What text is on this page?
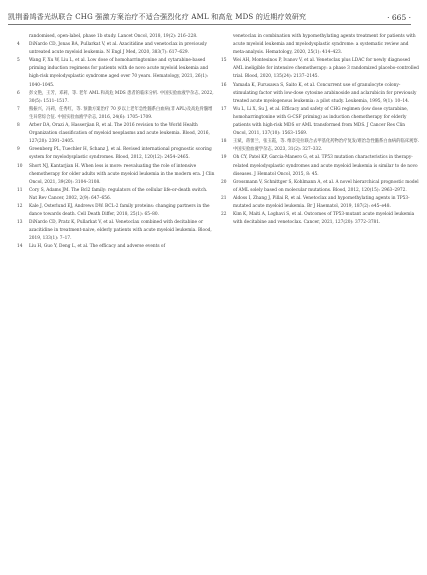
凯荆番鸠香光纵联合 CHG 强激方案治疗不适合强烈化疗 AML 和高危 MDS 的近期疗效研究	· 665 ·

randomised, open-label, phase 1b study. Lancet Oncol, 2018, 19(2): 216–228.

4 DiNardo CD, Jonas BA, Pullarkat V, et al. Azacitidine and venetoclax in previously untreated acute myeloid leukemia. N Engl J Med, 2020, 383(7): 617–629.

5 Wang F, Xu W, Liu L, et al. Low dose of homoharringtonine and cytarabine-based priming induction regimens for patients with de novo acute myeloid leukemia and high-risk myelodysplastic syndrome aged over 70 years. Hematology, 2021, 26(1): 1040–1045.

6 彭文艳，王芳，邓莉，等. 老年 AML 和高危 MDS 患者的临床分析. 中国实验血液学杂志, 2022, 30(5): 1511–1517.

7 熊振兴，冯莉，任秀红，等. 预激方案治疗 70 岁以上老年急性髓系白血病(非 APL)及高危骨髓增生异常综合征. 中国实验血液学杂志, 2016, 24(6): 1705–1709.

8 Arber DA, Orazi A, Hasserjian R, et al. The 2016 revision to the World Health Organization classification of myeloid neoplasms and acute leukemia. Blood, 2016, 127(20): 2391–2405.

9 Greenberg PL, Tuechler H, Schanz J, et al. Revised international prognostic scoring system for myelodysplastic syndromes. Blood, 2012, 120(12): 2454–2465.

10 Short NJ, Kantarjian H. When less is more: reevaluating the role of intensive chemotherapy for older adults with acute myeloid leukemia in the modern era. J Clin Oncol, 2021, 39(20): 3104–3108.

11 Cory S, Adams JM. The Bcl2 family: regulators of the cellular life-or-death switch. Nat Rev Cancer, 2002, 2(9): 647–656.

12 Kale J, Osterlund EJ, Andrews DW. BCL-2 family proteins: changing partners in the dance towards death. Cell Death Differ, 2018, 25(1): 65–80.

13 DiNardo CD, Pratz K, Pullarkat V, et al. Venetoclax combined with decitabine or azacitidine in treatment-naive, elderly patients with acute myeloid leukemia. Blood, 2019, 133(1): 7–17.

14 Liu H, Guo Y, Deng L, et al. The efficacy and adverse events of

venetoclax in combination with hypomethylating agents treatment for patients with acute myeloid leukemia and myelodysplastic syndrome: a systematic review and meta-analysis. Hematology, 2020, 25(1): 414–423.

15 Wei AH, Montesinos P, Ivanov V, et al. Venetoclax plus LDAC for newly diagnosed AML ineligible for intensive chemotherapy: a phase 3 randomized placebo-controlled trial. Blood, 2020, 135(24): 2137–2145.

16 Yamada K, Furusawa S, Saito K, et al. Concurrent use of granulocyte colony-stimulating factor with low-dose cytosine arabinoside and aclarubicin for previously treated acute myelogenous leukemia: a pilot study. Leukemia, 1995, 9(1): 10–14.

17 Wu L, Li X, Su J, et al. Efficacy and safety of CHG regimen (low dose cytarabine, homoharringtonine with G-CSF priming) as induction chemotherapy for elderly patients with high-risk MDS or AML transformed from MDS. J Cancer Res Clin Oncol, 2011, 137(10): 1563–1569.

18 王斌，蒋蕾兰，张玉霞，等. 维奈克拉联合去甲基化药物治疗复发/难治急性髓系白血病的临床观察. 中国实验血液学杂志, 2023, 31(2): 327–332.

19 Oh CY, Patel KP, Garcia-Manero G, et al. TP53 mutation characteristics in therapy-related myelodysplastic syndromes and acute myeloid leukemia is similar to de novo diseases. J Hematol Oncol, 2015, 8: 45.

20 Grossmann V, Schnittger S, Kohlmann A, et al. A novel hierarchical prognostic model of AML solely based on molecular mutations. Blood, 2012, 120(15): 2963–2972.

21 Aldoss I, Zhang J, Pillai R, et al. Venetoclax and hypomethylating agents in TP53-mutated acute myeloid leukemia. Br J Haematol, 2019, 187(2): e45–e48.

22 Kim K, Maiti A, Loghavi S, et al. Outcomes of TP53-mutant acute myeloid leukemia with decitabine and venetoclax. Cancer, 2021, 127(20): 3772–3781.
